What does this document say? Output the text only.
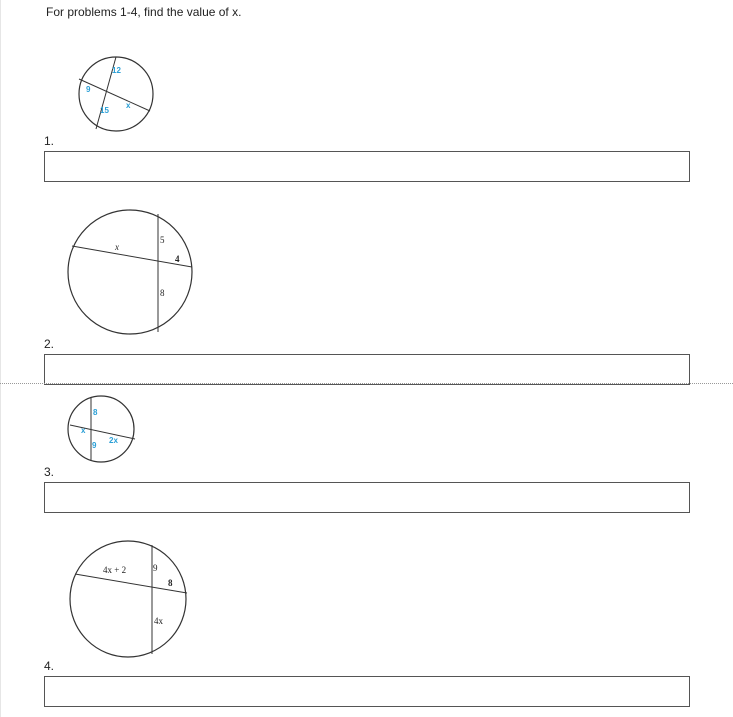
For problems 1-4, find the value of x.
12
9
15
x
1.
x
5
4
8
2.
8
x
9
2x
3.
4x + 2	9
8
4x
4.
